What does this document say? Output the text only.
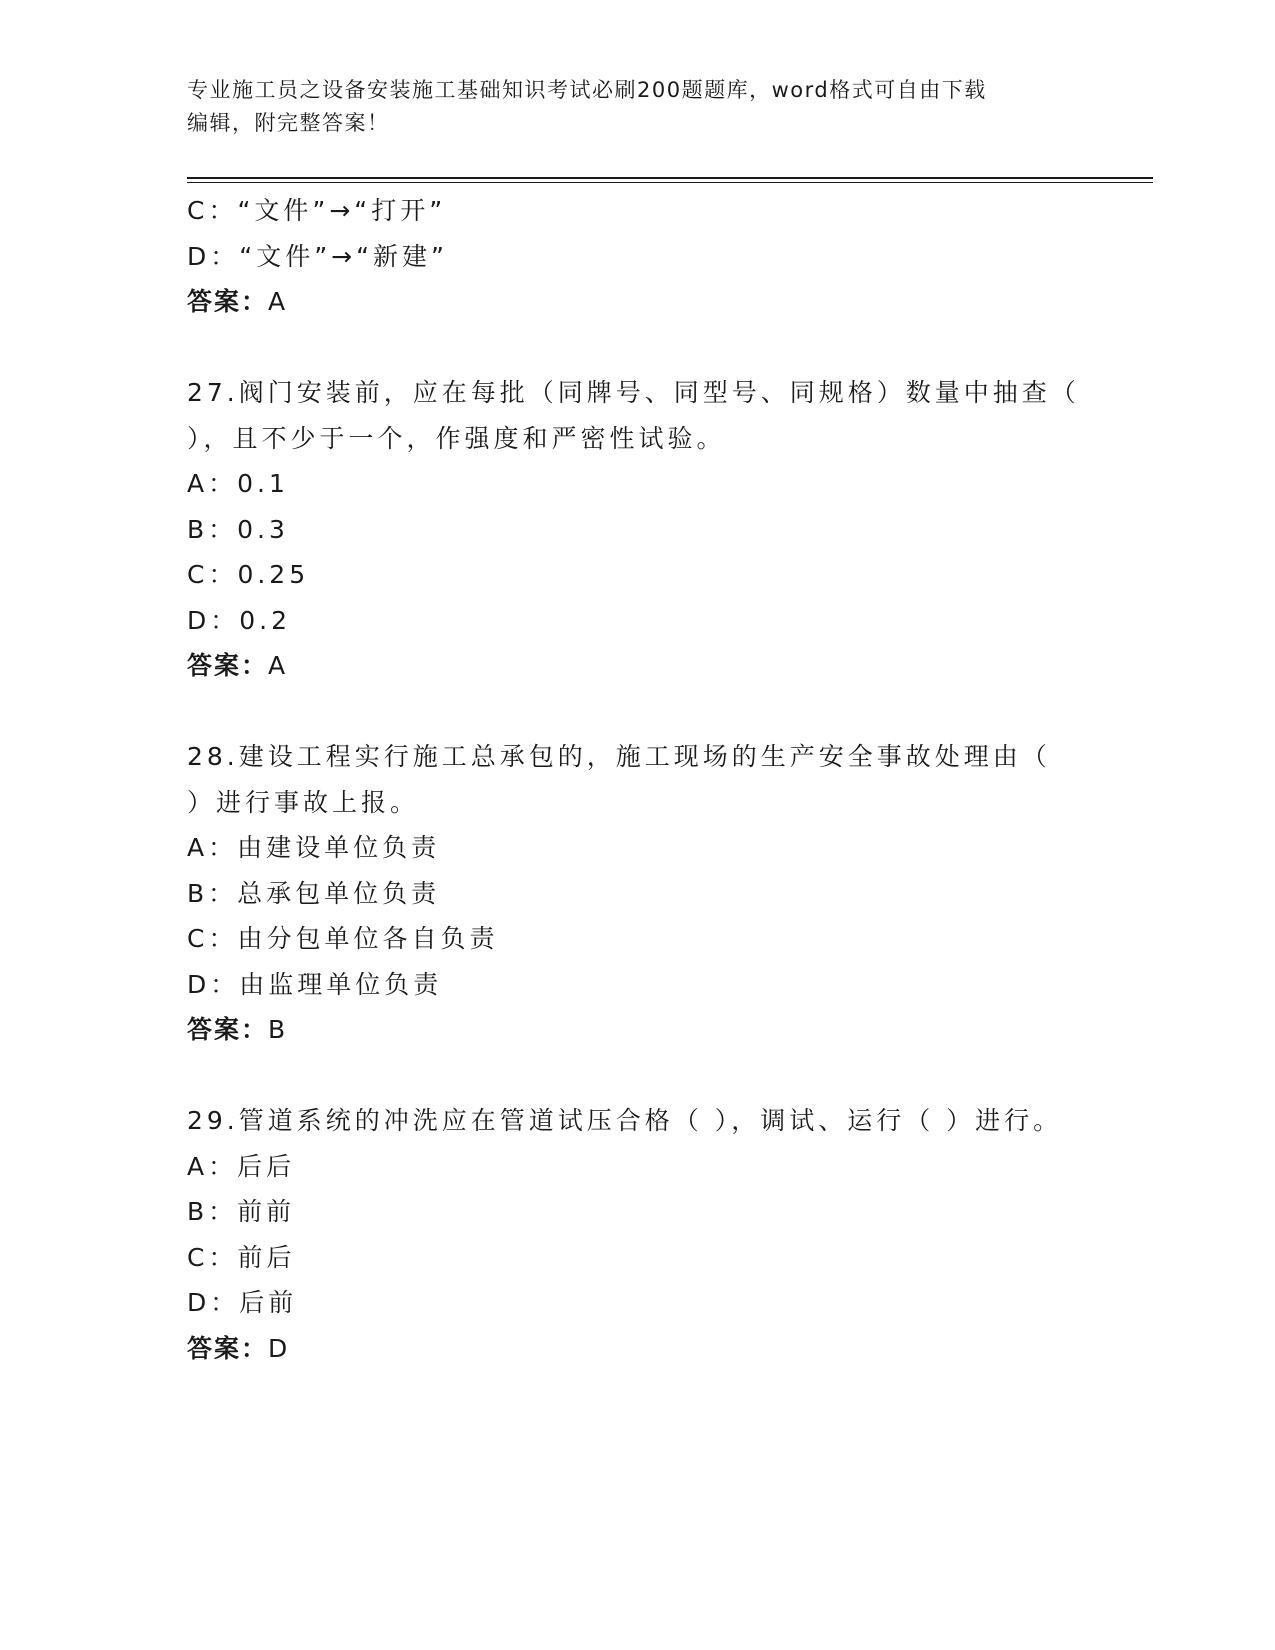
专业施工员之设备安装施工基础知识考试必刷200题题库，word格式可自由下载
编辑，附完整答案！
C：“文件”→“打开”
D：“文件”→“新建”
答案：A
27.阀门安装前，应在每批（同牌号、同型号、同规格）数量中抽查（
），且不少于一个，作强度和严密性试验。
A：0.1
B：0.3
C：0.25
D：0.2
答案：A
28.建设工程实行施工总承包的，施工现场的生产安全事故处理由（
）进行事故上报。
A：由建设单位负责
B：总承包单位负责
C：由分包单位各自负责
D：由监理单位负责
答案：B
29.管道系统的冲洗应在管道试压合格（ ），调试、运行（ ）进行。
A：后后
B：前前
C：前后
D：后前
答案：D
